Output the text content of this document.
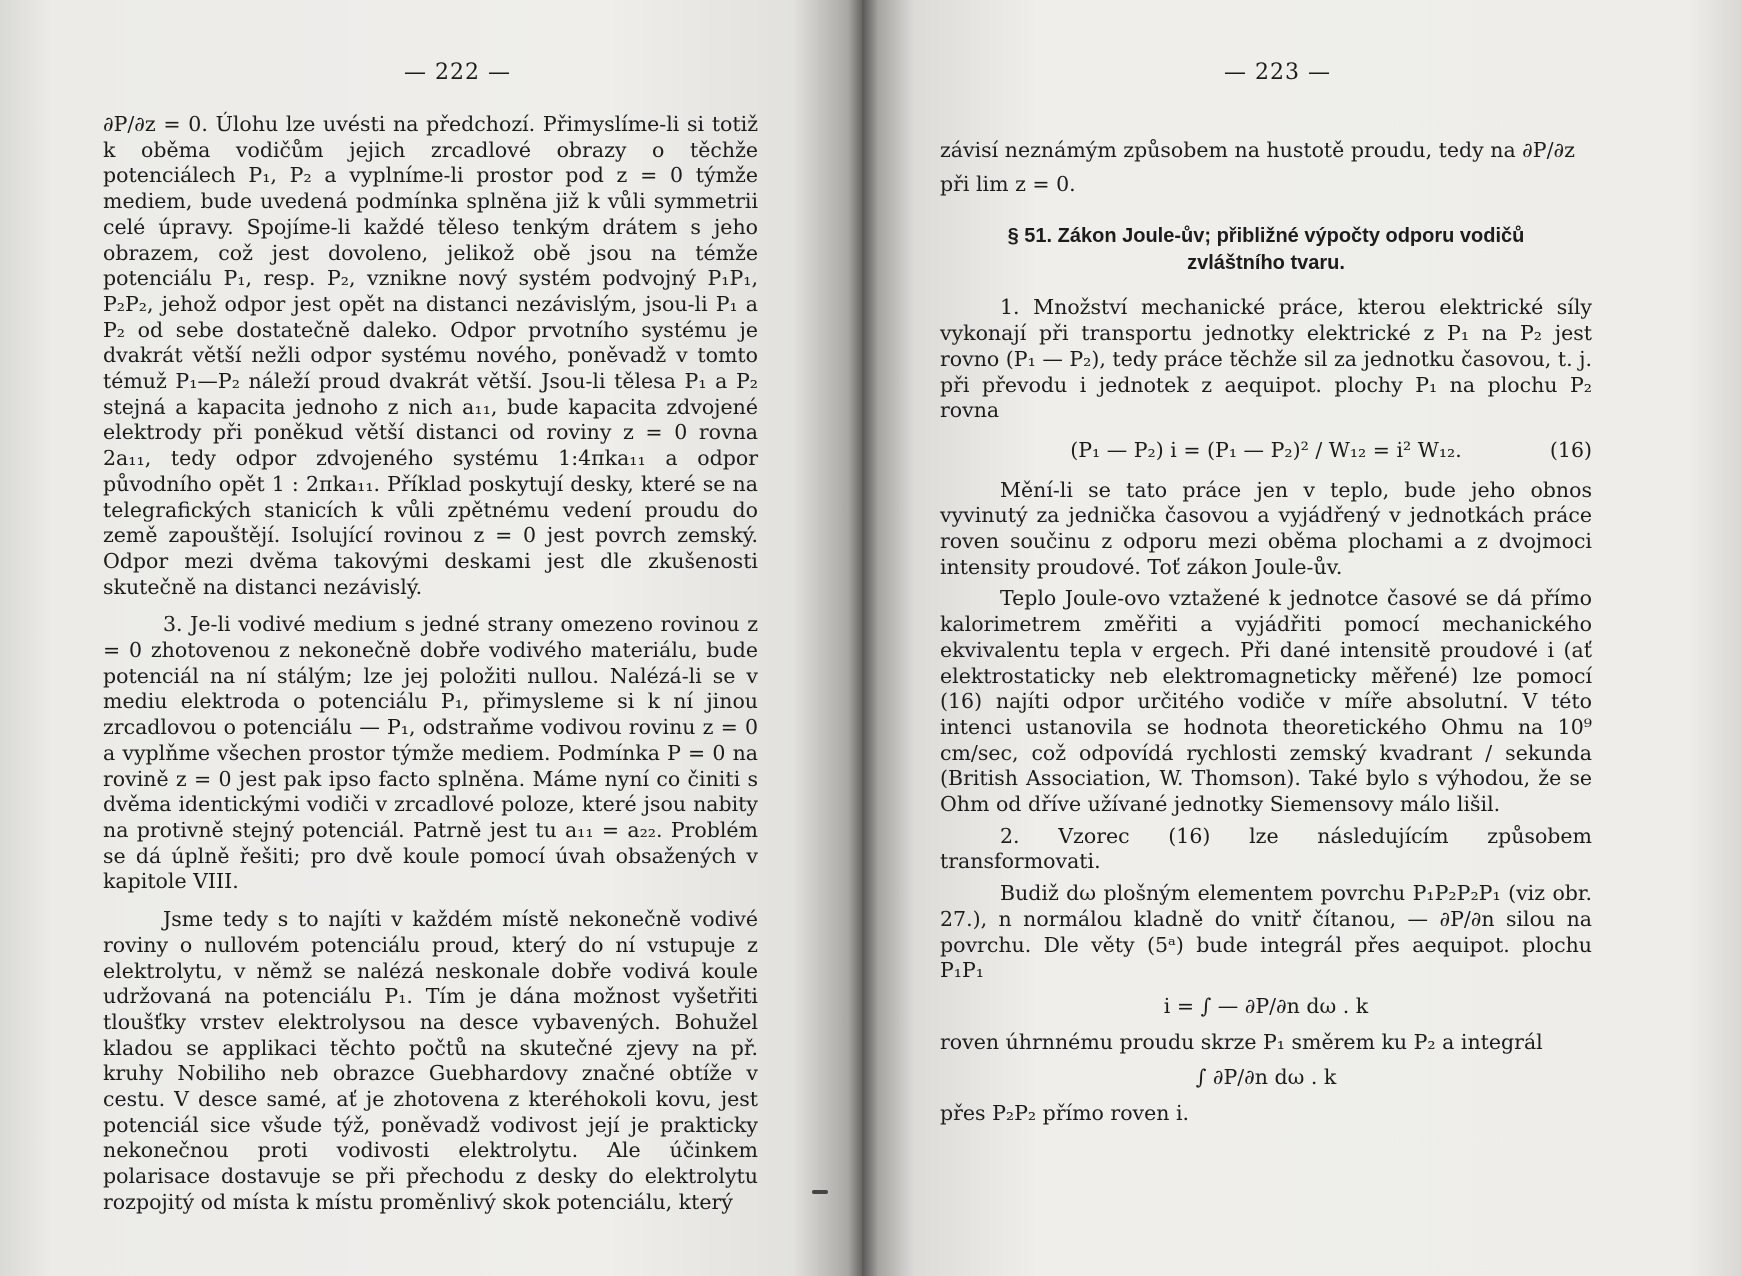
— 222 —

∂P/∂z = 0. Úlohu lze uvésti na předchozí. Přimyslíme-li si totiž k oběma vodičům jejich zrcadlové obrazy o těchže potenciálech P₁, P₂ a vyplníme-li prostor pod z = 0 týmže mediem, bude uvedená podmínka splněna již k vůli symmetrii celé úpravy. Spojíme-li každé těleso tenkým drátem s jeho obrazem, což jest dovoleno, jelikož obě jsou na témže potenciálu P₁, resp. P₂, vznikne nový systém podvojný P₁P₁, P₂P₂, jehož odpor jest opět na distanci nezávislým, jsou-li P₁ a P₂ od sebe dostatečně daleko. Odpor prvotního systému je dvakrát větší nežli odpor systému nového, poněvadž v tomto témuž P₁—P₂ náleží proud dvakrát větší. Jsou-li tělesa P₁ a P₂ stejná a kapacita jednoho z nich a₁₁, bude kapacita zdvojené elektrody při poněkud větší distanci od roviny z = 0 rovna 2a₁₁, tedy odpor zdvojeného systému 1:4πka₁₁ a odpor původního opět 1 : 2πka₁₁. Příklad poskytují desky, které se na telegrafických stanicích k vůli zpětnému vedení proudu do země zapouštějí. Isolující rovinou z = 0 jest povrch zemský. Odpor mezi dvěma takovými deskami jest dle zkušenosti skutečně na distanci nezávislý.

3. Je-li vodivé medium s jedné strany omezeno rovinou z = 0 zhotovenou z nekonečně dobře vodivého materiálu, bude potenciál na ní stálým; lze jej položiti nullou. Nalézá-li se v mediu elektroda o potenciálu P₁, přimysleme si k ní jinou zrcadlovou o potenciálu — P₁, odstraňme vodivou rovinu z = 0 a vyplňme všechen prostor týmže mediem. Podmínka P = 0 na rovině z = 0 jest pak ipso facto splněna. Máme nyní co činiti s dvěma identickými vodiči v zrcadlové poloze, které jsou nabity na protivně stejný potenciál. Patrně jest tu a₁₁ = a₂₂. Problém se dá úplně řešiti; pro dvě koule pomocí úvah obsažených v kapitole VIII.

Jsme tedy s to najíti v každém místě nekonečně vodivé roviny o nullovém potenciálu proud, který do ní vstupuje z elektrolytu, v němž se nalézá neskonale dobře vodivá koule udržovaná na potenciálu P₁. Tím je dána možnost vyšetřiti tloušťky vrstev elektrolysou na desce vybavených. Bohužel kladou se applikaci těchto počtů na skutečné zjevy na př. kruhy Nobiliho neb obrazce Guebhardovy značné obtíže v cestu. V desce samé, ať je zhotovena z kteréhokoli kovu, jest potenciál sice všude týž, poněvadž vodivost její je prakticky nekonečnou proti vodivosti elektrolytu. Ale účinkem polarisace dostavuje se při přechodu z desky do elektrolytu rozpojitý od místa k místu proměnlivý skok potenciálu, který

— 223 —

závisí neznámým způsobem na hustotě proudu, tedy na ∂P/∂z

při lim z = 0.

§ 51. Zákon Joule-ův; přibližné výpočty odporu vodičů
zvláštního tvaru.

1. Množství mechanické práce, kterou elektrické síly vykonají při transportu jednotky elektrické z P₁ na P₂ jest rovno (P₁ — P₂), tedy práce těchže sil za jednotku časovou, t. j. při převodu i jednotek z aequipot. plochy P₁ na plochu P₂ rovna

(P₁ — P₂) i = (P₁ — P₂)² / W₁₂ = i² W₁₂.	(16)

Mění-li se tato práce jen v teplo, bude jeho obnos vyvinutý za jednička časovou a vyjádřený v jednotkách práce roven součinu z odporu mezi oběma plochami a z dvojmoci intensity proudové. Toť zákon Joule-ův.

Teplo Joule-ovo vztažené k jednotce časové se dá přímo kalorimetrem změřiti a vyjádřiti pomocí mechanického ekvivalentu tepla v ergech. Při dané intensitě proudové i (ať elektrostaticky neb elektromagneticky měřené) lze pomocí (16) najíti odpor určitého vodiče v míře absolutní. V této intenci ustanovila se hodnota theoretického Ohmu na 10⁹ cm/sec, což odpovídá rychlosti zemský kvadrant / sekunda (British Association, W. Thomson). Také bylo s výhodou, že se Ohm od dříve užívané jednotky Siemensovy málo lišil.

2. Vzorec (16) lze následujícím způsobem transformovati.

Budiž dω plošným elementem povrchu P₁P₂P₂P₁ (viz obr. 27.), n normálou kladně do vnitř čítanou, — ∂P/∂n silou na povrchu. Dle věty (5ᵃ) bude integrál přes aequipot. plochu P₁P₁

i = ∫ — ∂P/∂n dω . k

roven úhrnnému proudu skrze P₁ směrem ku P₂ a integrál

∫ ∂P/∂n dω . k

přes P₂P₂ přímo roven i.
